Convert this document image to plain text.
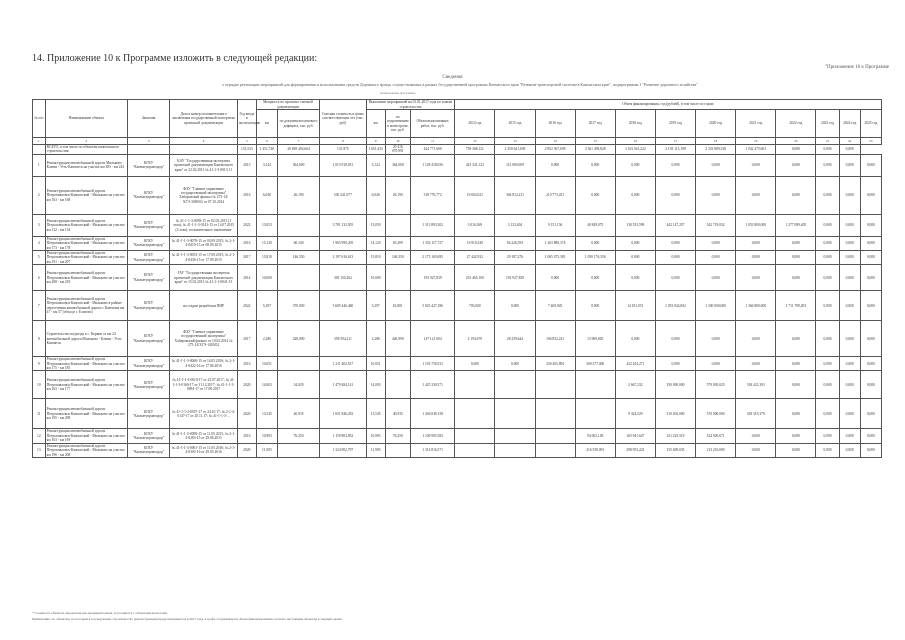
14. Приложение 10 к Программе изложить в следующей редакции:
"Приложение 10 к Программе
Сведения
о порядке реализации мероприятий для формирования и использования средств Дорожного фонда, осуществляемых в рамках Государственной программы Камчатского края "Развитие транспортной системы в Камчатском крае", подпрограммы 1 "Развитие дорожного хозяйства"
(наименование программы)
№ п/п	Наименование объекта	Заказчик	Дата и номер положительного заключения государственной экспертизы проектной документации	Год ввода в эксплуатацию	Мощность по проектно-сметной документации		Сметная стоимость в ценах соответствующих лет (тыс. руб)	Выполнено мероприятий на 01.01.2017 года по этапам строительства			Объем финансирования, год (рублей), в том числе по годам:											
					км	по документам ценового дефицита, тыс. руб.		км	по подключению к магистрали, тыс. руб.	Объем выполненных работ, тыс. руб.	2014 год	2015 год	2016 год	2017 год	2018 год	2019 год	2020 год	2021 год	2022 год	2023 год	2024 год	2025 год

1	2	3	4	5	6	7	8	9	10	11	12	13	14	15	16	17	18	19	20	21	22	23
	ВСЕГО, в том числе по объектам капитального строительства:			131,533	1 451,720	20 849 402,664	131,975	1 651,433	20 416 070,991	424 771,600	758 368,121	2 350 641,639	2 852 367,658	3 361 458,828	3 163 041,222	2 103 113,198	2 333 889,338	1 042 475,661	0,000	0,000	0,000	
1	Реконструкция автомобильной дороги Мильково - Ключи - Усть-Камчатск на участке км 383 - км 243	КГКУ "Камчатуправтодор"	КАУ "Государственная экспертиза проектной документации Камчатского края" от 22.02.2011 № 41-1-5-0013-11	2013	3,124	364,000	2 013 918,051	3,124	364,000	1 128 418,056	423 341,123	112 069,009	0,000	0,000	0,000	0,000	0,000	0,000	0,000	0,000	0,000	0,000
2	Реконструкция автомобильной дороги Петропавловск-Камчатский - Мильково на участке км 163 - км 168	КГКУ "Камчатуправтодор"	ФАУ "Главное управление государственной экспертизы" Хабаровский филиал № 275-14/ХГЭ-3069/02 от 07.10.2014	2016	6,040	26,190	530 241,077	6,040	26,190	318 776,772	19 002,621	304 812,211	210 773,451	0,000	0,000	0,000	0,000	0,000	0,000	0,000	0,000	0,000
3	Реконструкция автомобильной дороги Петропавловск-Камчатский - Мильково на участке км 122 - км 134	КГКУ "Камчатуправтодор"	№ 41-1-1-3-0039-15 от 02.03.2015 (1 этап); № 41-1-1-3-0141-15 от 14.07.2015 (2 этап); положительное заключение	2022	13,053		3 781 132,955	13,050		1 313 893,302	3 016,369	3 123,404	9 151,156	40 849,075	130 553,599	442 147,257	542 719,032	1 053 800,000	1 277 089,405	0,000	0,000	0,000
4	Реконструкция автомобильной дороги Петропавловск-Камчатский - Мильково на участке км 173 - км 178	КГКУ "Камчатуправтодор"	№ 41-1-1-3-0078-15 от 03.09.2015; № 2-1-4-0419-15 от 08.09.2015	2016	15,120	60,340	1 965 990,205	14,120	63,309	1 352 117,727	16 910,349	84 226,593	1 263 880,374	0,000	0,000	0,000	0,000	0,000	0,000	0,000	0,000	0,000
5	Реконструкция автомобильной дороги Петропавловск-Камчатский - Мильково на участке км 191 - км 207	КГКУ "Камчатуправтодор"	№ 41-1-1-3-0053-15 от 17.09.2015; № 2-1-4-0436-15 от 17.09.2015	2017	15,810	146,350	2 197 616,613	15,810	146,350	2 175 165,695	27 442,932	29 187,276	1 065 475,381	1 050 176,356	0,000	0,000	0,000	0,000	0,000	0,000	0,000	0,000
6	Реконструкция автомобильной дороги Петропавловск-Камчатский - Мильково на участке км 208 - км 218	КГКУ "Камчатуправтодор"	ГАУ "Государственная экспертиза проектной документации Камчатского края" от 15.02.2013 № 41-1-1-0041-13	2014	10,000		305 150,262	10,000		193 927,839	233 465,100	192 927,839	0,000	0,000	0,000	0,000	0,000	0,000	0,000	0,000	0,000	0,000
7	Реконструкция автомобильной дороги Петропавловск-Камчатский - Мильково в районе пересечения автомобильной дороги с Камчатка км 47 - км 57 (обход в г. Елизово)	КГКУ "Камчатуправтодор"	на стадии разработки ПИР	2022	5,297	370,000	5 605 446,460	5,297	63,801	5 023 427,186	703,000	0,000	7 469,945	0,000	14 181,051	1 053 042,002	1 330 000,000	1 366 800,000	1 711 789,203	0,000	0,000	0,000
8	Строительство подъезда к с. Коряки от км 24 автомобильной дороги Мильково - Ключи - Усть-Камчатск	КГКУ "Камчатуправтодор"	ФАУ "Главное управление государственной экспертизы" Хабаровский филиал от 10.02.2014 № 275-14/ХГЭ-1403/02	2017	2,286	428,000	358 594,211	2,286	426,990	147 121,004	2 194,679	28 239,644	106 852,241	13 969,005	0,000	0,000	0,000	0,000	0,000	0,000	0,000	0,000
9	Реконструкция автомобильной дороги Петропавловск-Камчатский - Мильково на участке км 175 - км 185	КГКУ "Камчатуправтодор"	№ 41-1-1-3-0060-15 от 14.05.2016; № 2-1-4-0422-16 от 17.06.2016	2016	10,051		1 211 402,537	10,051		1 103 750,531	0,000	0,000	230 405,894	300 377,000	432 454,271	0,000	0,000	0,000	0,000	0,000	0,000	0,000
10	Реконструкция автомобильной дороги Петропавловск-Камчатский - Мильково на участке км 163 - км 177	КГКУ "Камчатуправтодор"	№ 41-1-1-3-0010-17 от 23.07.2017; № 41-1-1-3-0160-17 от 11.12.2017; № 41-1-1-3-0094-17 от 17.08.2017	2020	14,003	34,029	1 479 484,141	14,003		1 425 339,371					2 667,232	350 000,000	579 003,025	318 421,393	0,000	0,000	0,000	0,000
11	Реконструкция автомобильной дороги Петропавловск-Камчатский - Мильково на участке км 195 - км 208	КГКУ "Камчатуправтодор"	№ 41-1-1-3-0057-17 от 24.10.17; № 2-1-4-0147-17 от 20.11.17; № 41-1-1-3-...	2020	13,545	40,935	1 651 846,292	13,545	40,935	1 436 049,158					9 324,529	510 402,000	570 000,000	328 319,379	0,000	0,000	0,000	0,000
12	Реконструкция автомобильной дороги Петропавловск-Камчатский - Мильково на участке км 163 - км 169	КГКУ "Камчатуправтодор"	№ 41-1-1-3-0058-15 от 11.05.2015; № 2-1-4-0283-15 от 29.06.2015	2016	10,983	76,250	1 159 803,852	10,983	76,250	1 100 905,583				94 063,149	165 941,647	321 225,519	524 920,671	0,000	0,000	0,000	0,000	0,000
13	Реконструкция автомобильной дороги Петропавловск-Камчатский - Мильково на участке км 196 - км 208	КГКУ "Камчатуправтодор"	№ 41-1-1-3-0061-15 от 11.05.2016; № 2-1-4-0303-16 от 29.05.2016	2020	11,905		1 324 902,797	11,905		1 314 816,571				216 558,091	298 953,223	335 609,035	213 216,000	0,000	0,000	0,000	0,000	0,000
* Стоимость объектов определена как предварительная, и уточняется с объектами-аналогами
Примечание: по объектам, по которым в последующих строительство (реконструкция) предусматривается в 2017 году, в графе 14 указывается объем финансирования согласно настоящим объектам в текущих ценах.
